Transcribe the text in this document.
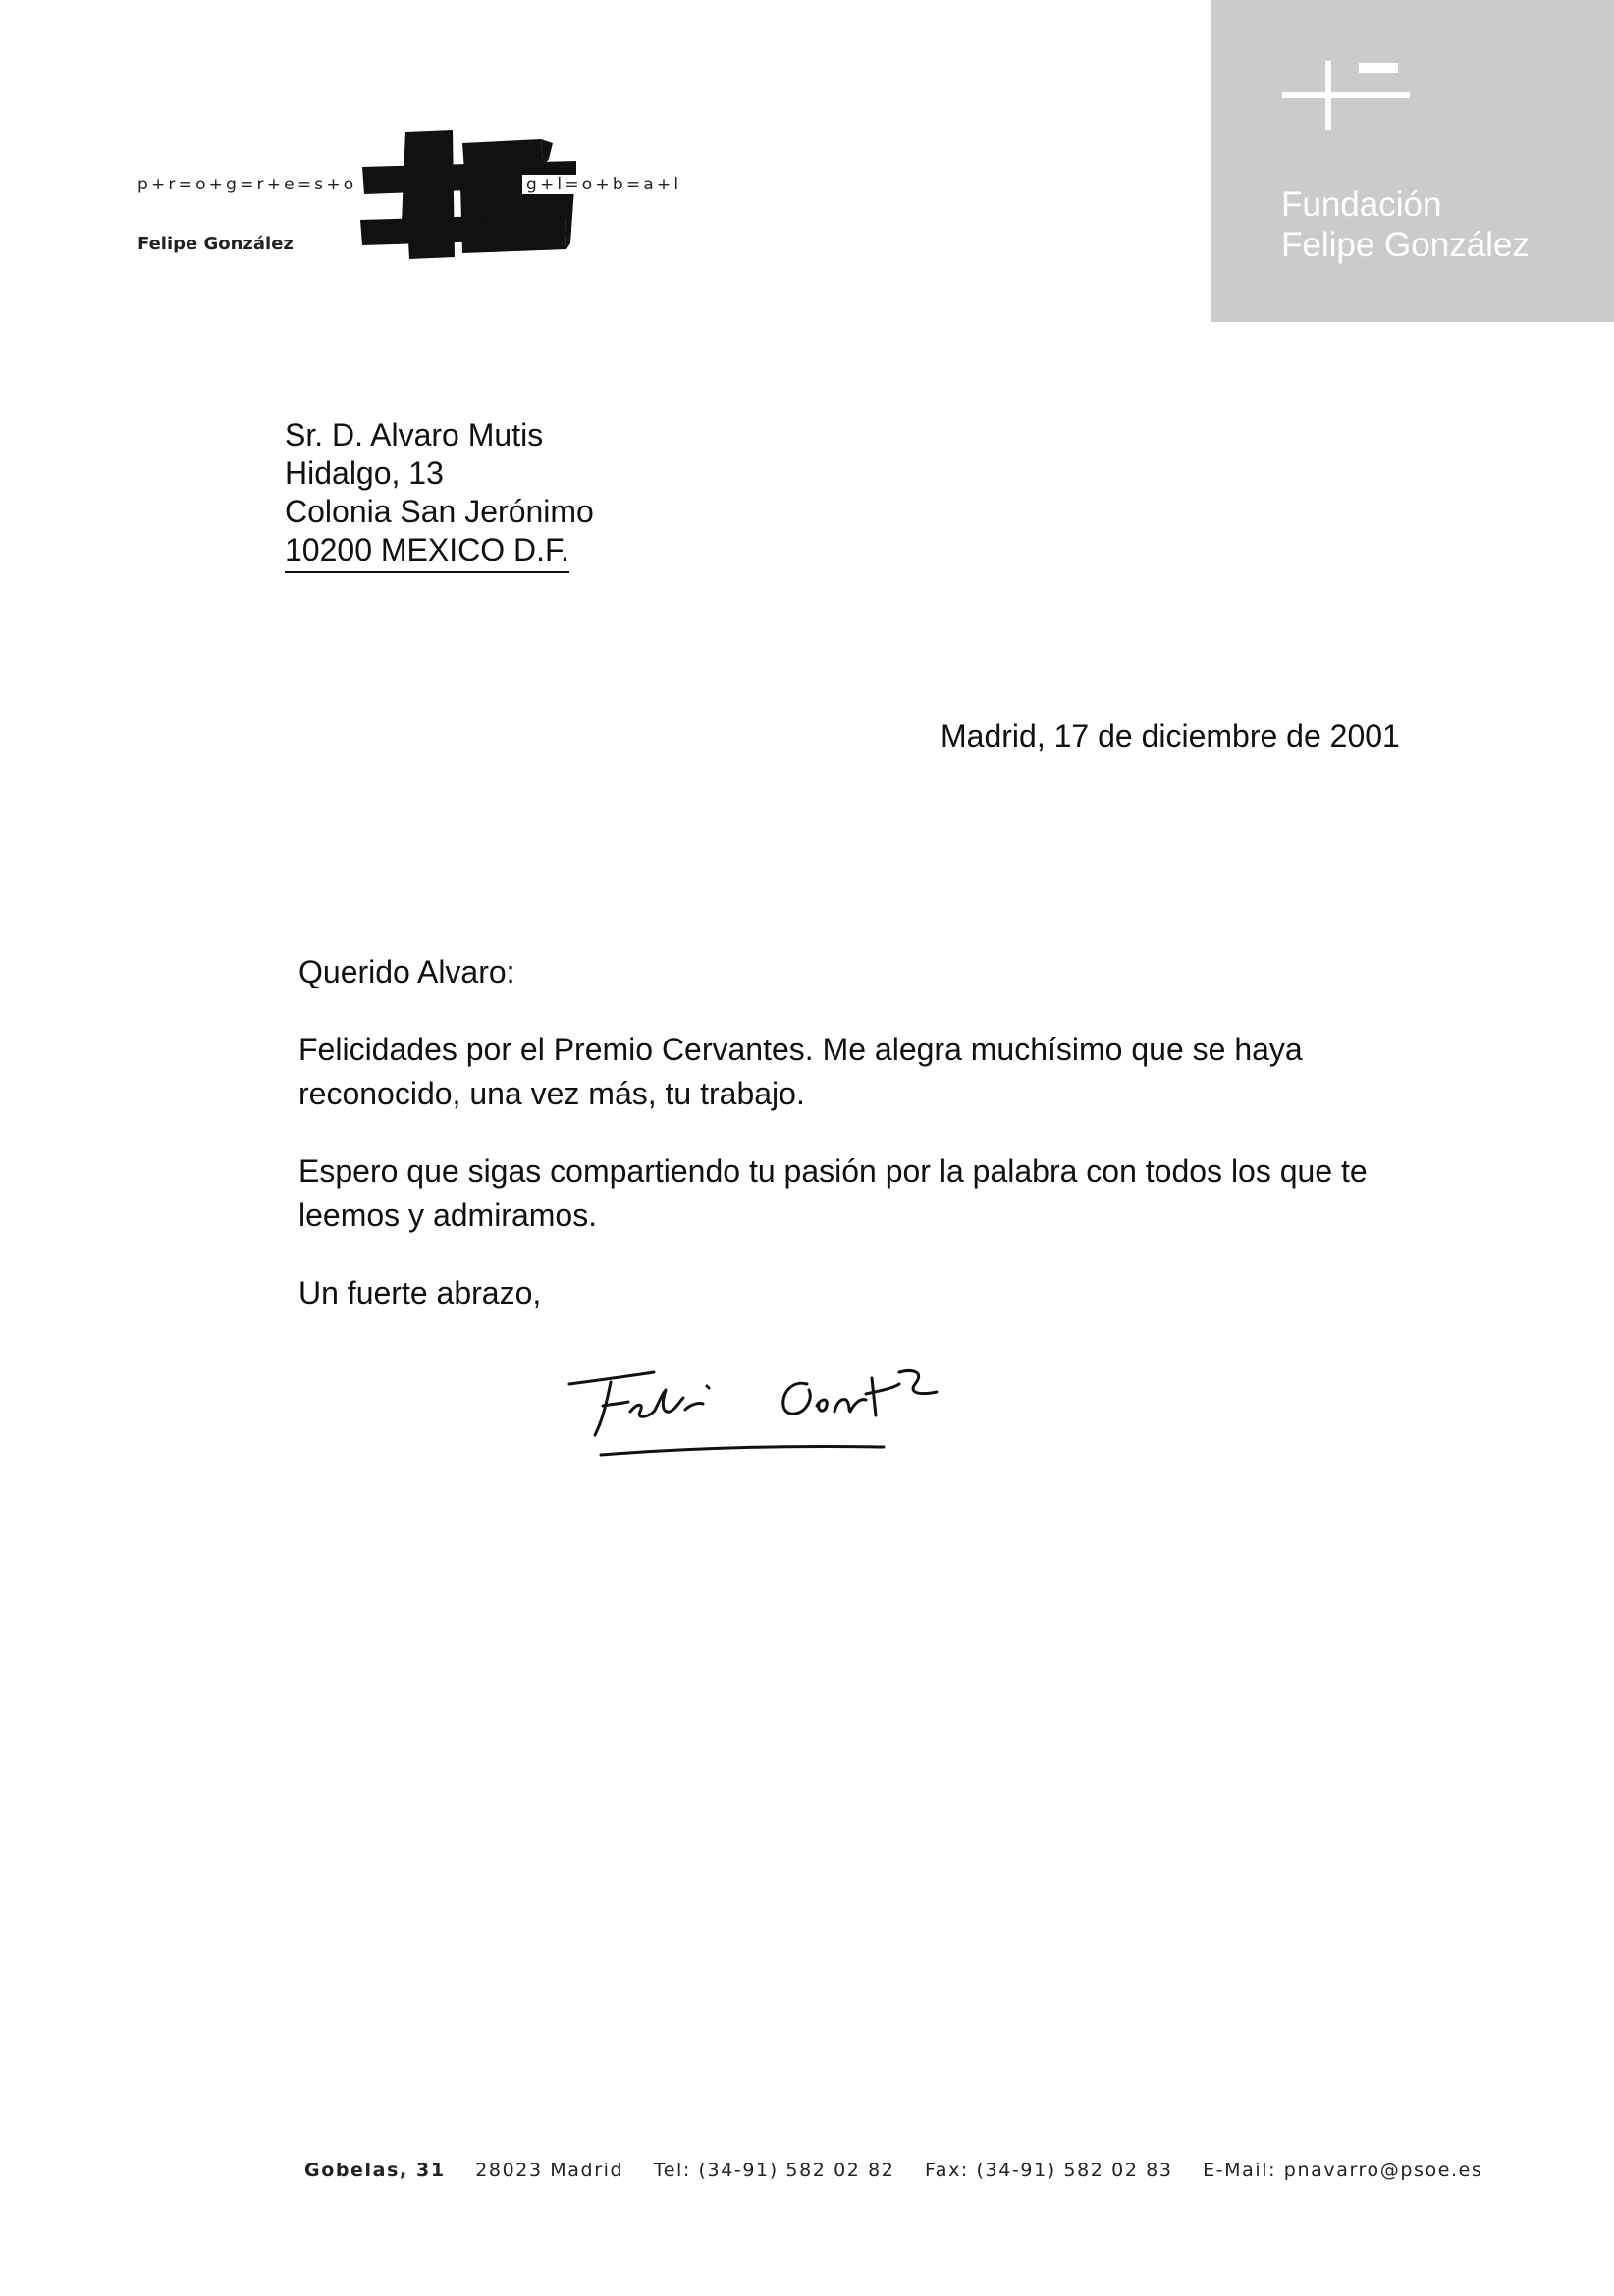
p+r=o+g=r+e=s+o
Felipe González
g+l=o+b=a+l
Fundación
Felipe González
Sr. D. Alvaro Mutis
Hidalgo, 13
Colonia San Jerónimo
10200 MEXICO D.F.
Madrid, 17 de diciembre de 2001

Querido Alvaro:

Felicidades por el Premio Cervantes. Me alegra muchísimo que se haya reconocido, una vez más, tu trabajo.

Espero que sigas compartiendo tu pasión por la palabra con todos los que te leemos y admiramos.

Un fuerte abrazo,

Gobelas, 31 28023 Madrid Tel: (34-91) 582 02 82 Fax: (34-91) 582 02 83 E-Mail: pnavarro@psoe.es
